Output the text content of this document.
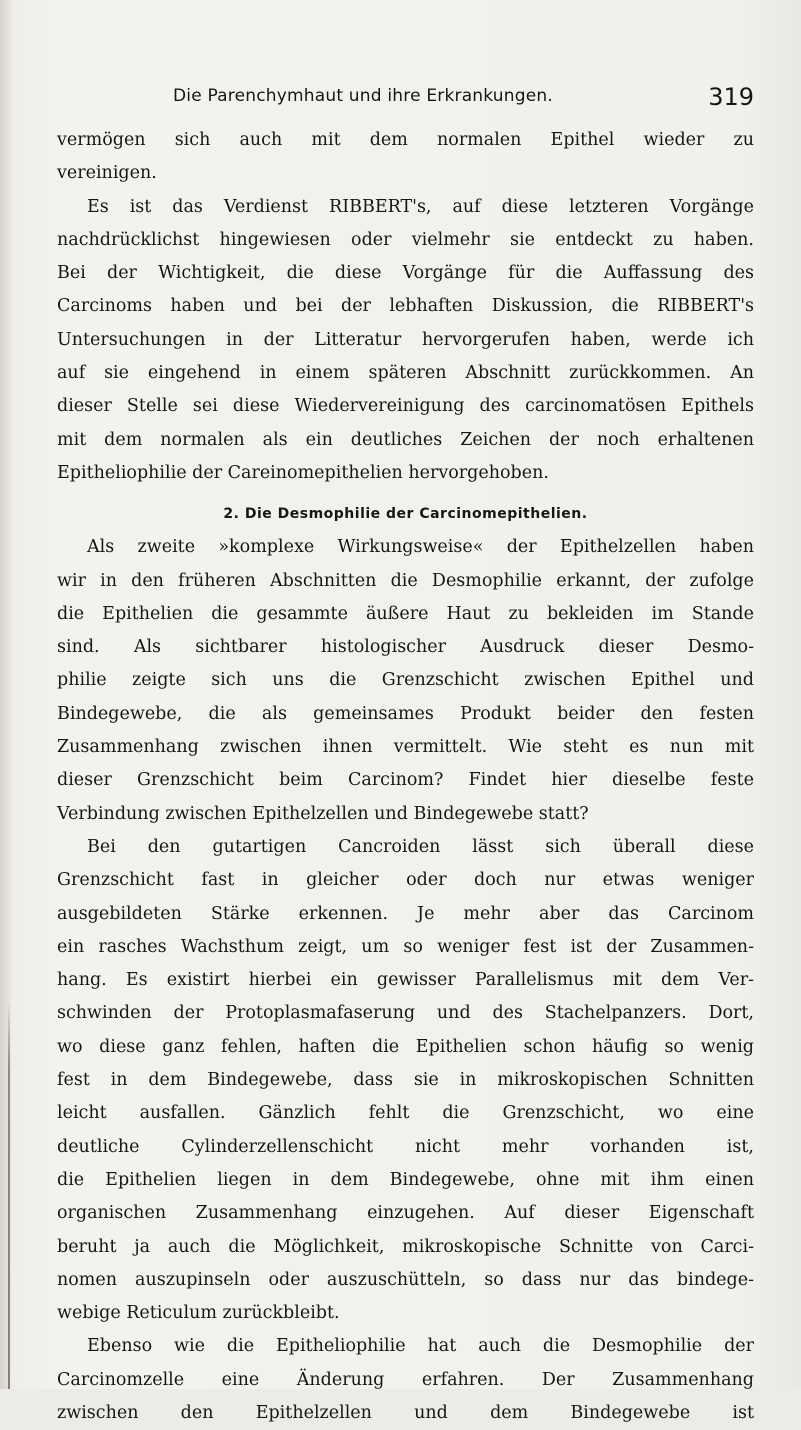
Die Parenchymhaut und ihre Erkrankungen.	319
vermögen sich auch mit dem normalen Epithel wieder zu
vereinigen.
Es ist das Verdienst RIBBERT's, auf diese letzteren Vorgänge
nachdrücklichst hingewiesen oder vielmehr sie entdeckt zu haben.
Bei der Wichtigkeit, die diese Vorgänge für die Auffassung des
Carcinoms haben und bei der lebhaften Diskussion, die RIBBERT's
Untersuchungen in der Litteratur hervorgerufen haben, werde ich
auf sie eingehend in einem späteren Abschnitt zurückkommen. An
dieser Stelle sei diese Wiedervereinigung des carcinomatösen Epithels
mit dem normalen als ein deutliches Zeichen der noch erhaltenen
Epitheliophilie der Careinomepithelien hervorgehoben.
2. Die Desmophilie der Carcinomepithelien.
Als zweite »komplexe Wirkungsweise« der Epithelzellen haben
wir in den früheren Abschnitten die Desmophilie erkannt, der zufolge
die Epithelien die gesammte äußere Haut zu bekleiden im Stande
sind. Als sichtbarer histologischer Ausdruck dieser Desmo-
philie zeigte sich uns die Grenzschicht zwischen Epithel und
Bindegewebe, die als gemeinsames Produkt beider den festen
Zusammenhang zwischen ihnen vermittelt. Wie steht es nun mit
dieser Grenzschicht beim Carcinom? Findet hier dieselbe feste
Verbindung zwischen Epithelzellen und Bindegewebe statt?
Bei den gutartigen Cancroiden lässt sich überall diese
Grenzschicht fast in gleicher oder doch nur etwas weniger
ausgebildeten Stärke erkennen. Je mehr aber das Carcinom
ein rasches Wachsthum zeigt, um so weniger fest ist der Zusammen-
hang. Es existirt hierbei ein gewisser Parallelismus mit dem Ver-
schwinden der Protoplasmafaserung und des Stachelpanzers. Dort,
wo diese ganz fehlen, haften die Epithelien schon häufig so wenig
fest in dem Bindegewebe, dass sie in mikroskopischen Schnitten
leicht ausfallen. Gänzlich fehlt die Grenzschicht, wo eine
deutliche Cylinderzellenschicht nicht mehr vorhanden ist,
die Epithelien liegen in dem Bindegewebe, ohne mit ihm einen
organischen Zusammenhang einzugehen. Auf dieser Eigenschaft
beruht ja auch die Möglichkeit, mikroskopische Schnitte von Carci-
nomen auszupinseln oder auszuschütteln, so dass nur das bindege-
webige Reticulum zurückbleibt.
Ebenso wie die Epitheliophilie hat auch die Desmophilie der
Carcinomzelle eine Änderung erfahren. Der Zusammenhang
zwischen den Epithelzellen und dem Bindegewebe ist
